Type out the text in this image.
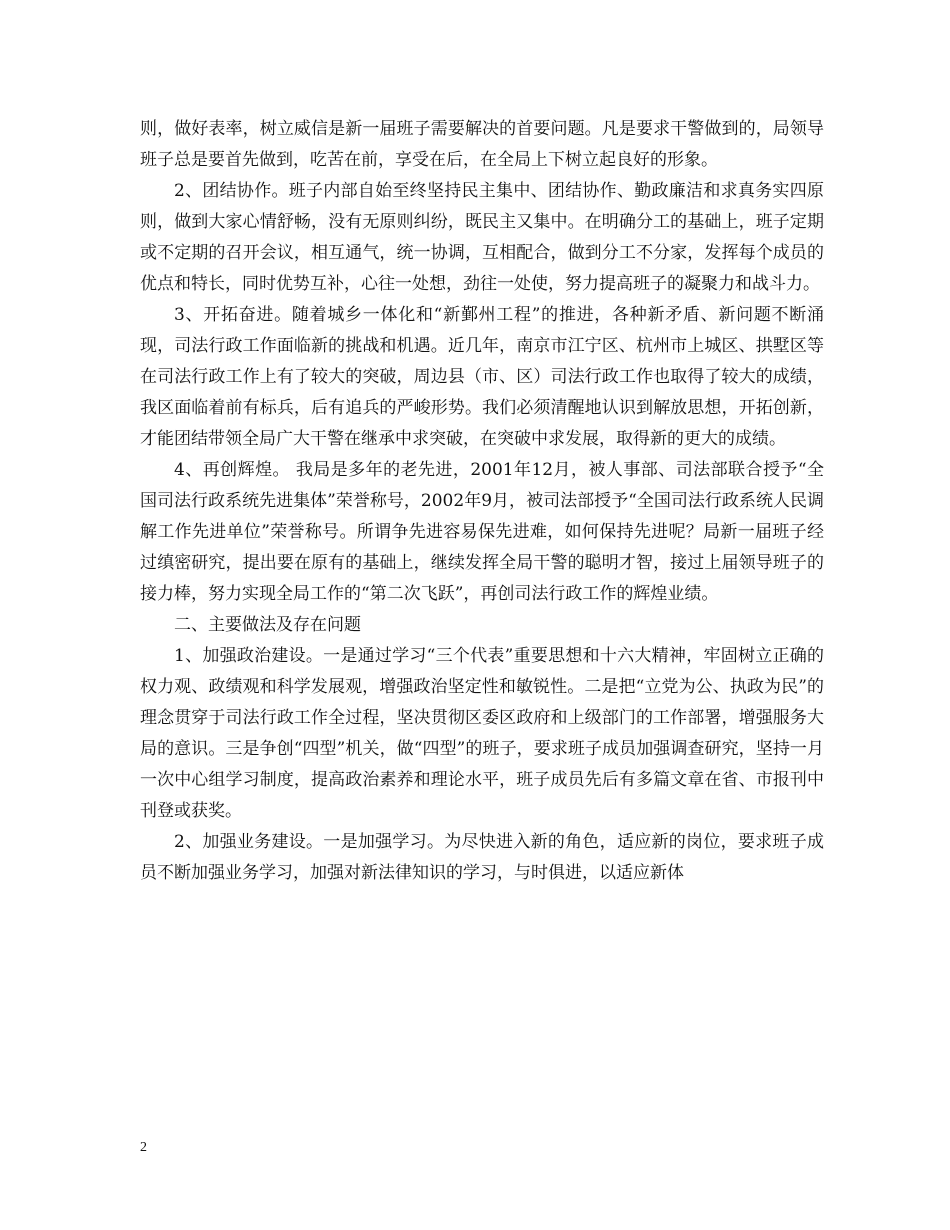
则，做好表率，树立威信是新一届班子需要解决的首要问题。凡是要求干警做到的，局领导班子总是要首先做到，吃苦在前，享受在后，在全局上下树立起良好的形象。

2、团结协作。班子内部自始至终坚持民主集中、团结协作、勤政廉洁和求真务实四原则，做到大家心情舒畅，没有无原则纠纷，既民主又集中。在明确分工的基础上，班子定期或不定期的召开会议，相互通气，统一协调，互相配合，做到分工不分家，发挥每个成员的优点和特长，同时优势互补，心往一处想，劲往一处使，努力提高班子的凝聚力和战斗力。

3、开拓奋进。随着城乡一体化和“新鄞州工程”的推进，各种新矛盾、新问题不断涌现，司法行政工作面临新的挑战和机遇。近几年，南京市江宁区、杭州市上城区、拱墅区等在司法行政工作上有了较大的突破，周边县（市、区）司法行政工作也取得了较大的成绩，我区面临着前有标兵，后有追兵的严峻形势。我们必须清醒地认识到解放思想，开拓创新，才能团结带领全局广大干警在继承中求突破，在突破中求发展，取得新的更大的成绩。

4、再创辉煌。 我局是多年的老先进，2001年12月，被人事部、司法部联合授予“全国司法行政系统先进集体”荣誉称号，2002年9月，被司法部授予“全国司法行政系统人民调解工作先进单位”荣誉称号。所谓争先进容易保先进难，如何保持先进呢？局新一届班子经过缜密研究，提出要在原有的基础上，继续发挥全局干警的聪明才智，接过上届领导班子的接力棒，努力实现全局工作的“第二次飞跃”，再创司法行政工作的辉煌业绩。

二、主要做法及存在问题

1、加强政治建设。一是通过学习“三个代表”重要思想和十六大精神，牢固树立正确的权力观、政绩观和科学发展观，增强政治坚定性和敏锐性。二是把“立党为公、执政为民”的理念贯穿于司法行政工作全过程，坚决贯彻区委区政府和上级部门的工作部署，增强服务大局的意识。三是争创“四型”机关，做“四型”的班子，要求班子成员加强调查研究，坚持一月一次中心组学习制度，提高政治素养和理论水平，班子成员先后有多篇文章在省、市报刊中刊登或获奖。

2、加强业务建设。一是加强学习。为尽快进入新的角色，适应新的岗位，要求班子成员不断加强业务学习，加强对新法律知识的学习，与时俱进，以适应新体

2
